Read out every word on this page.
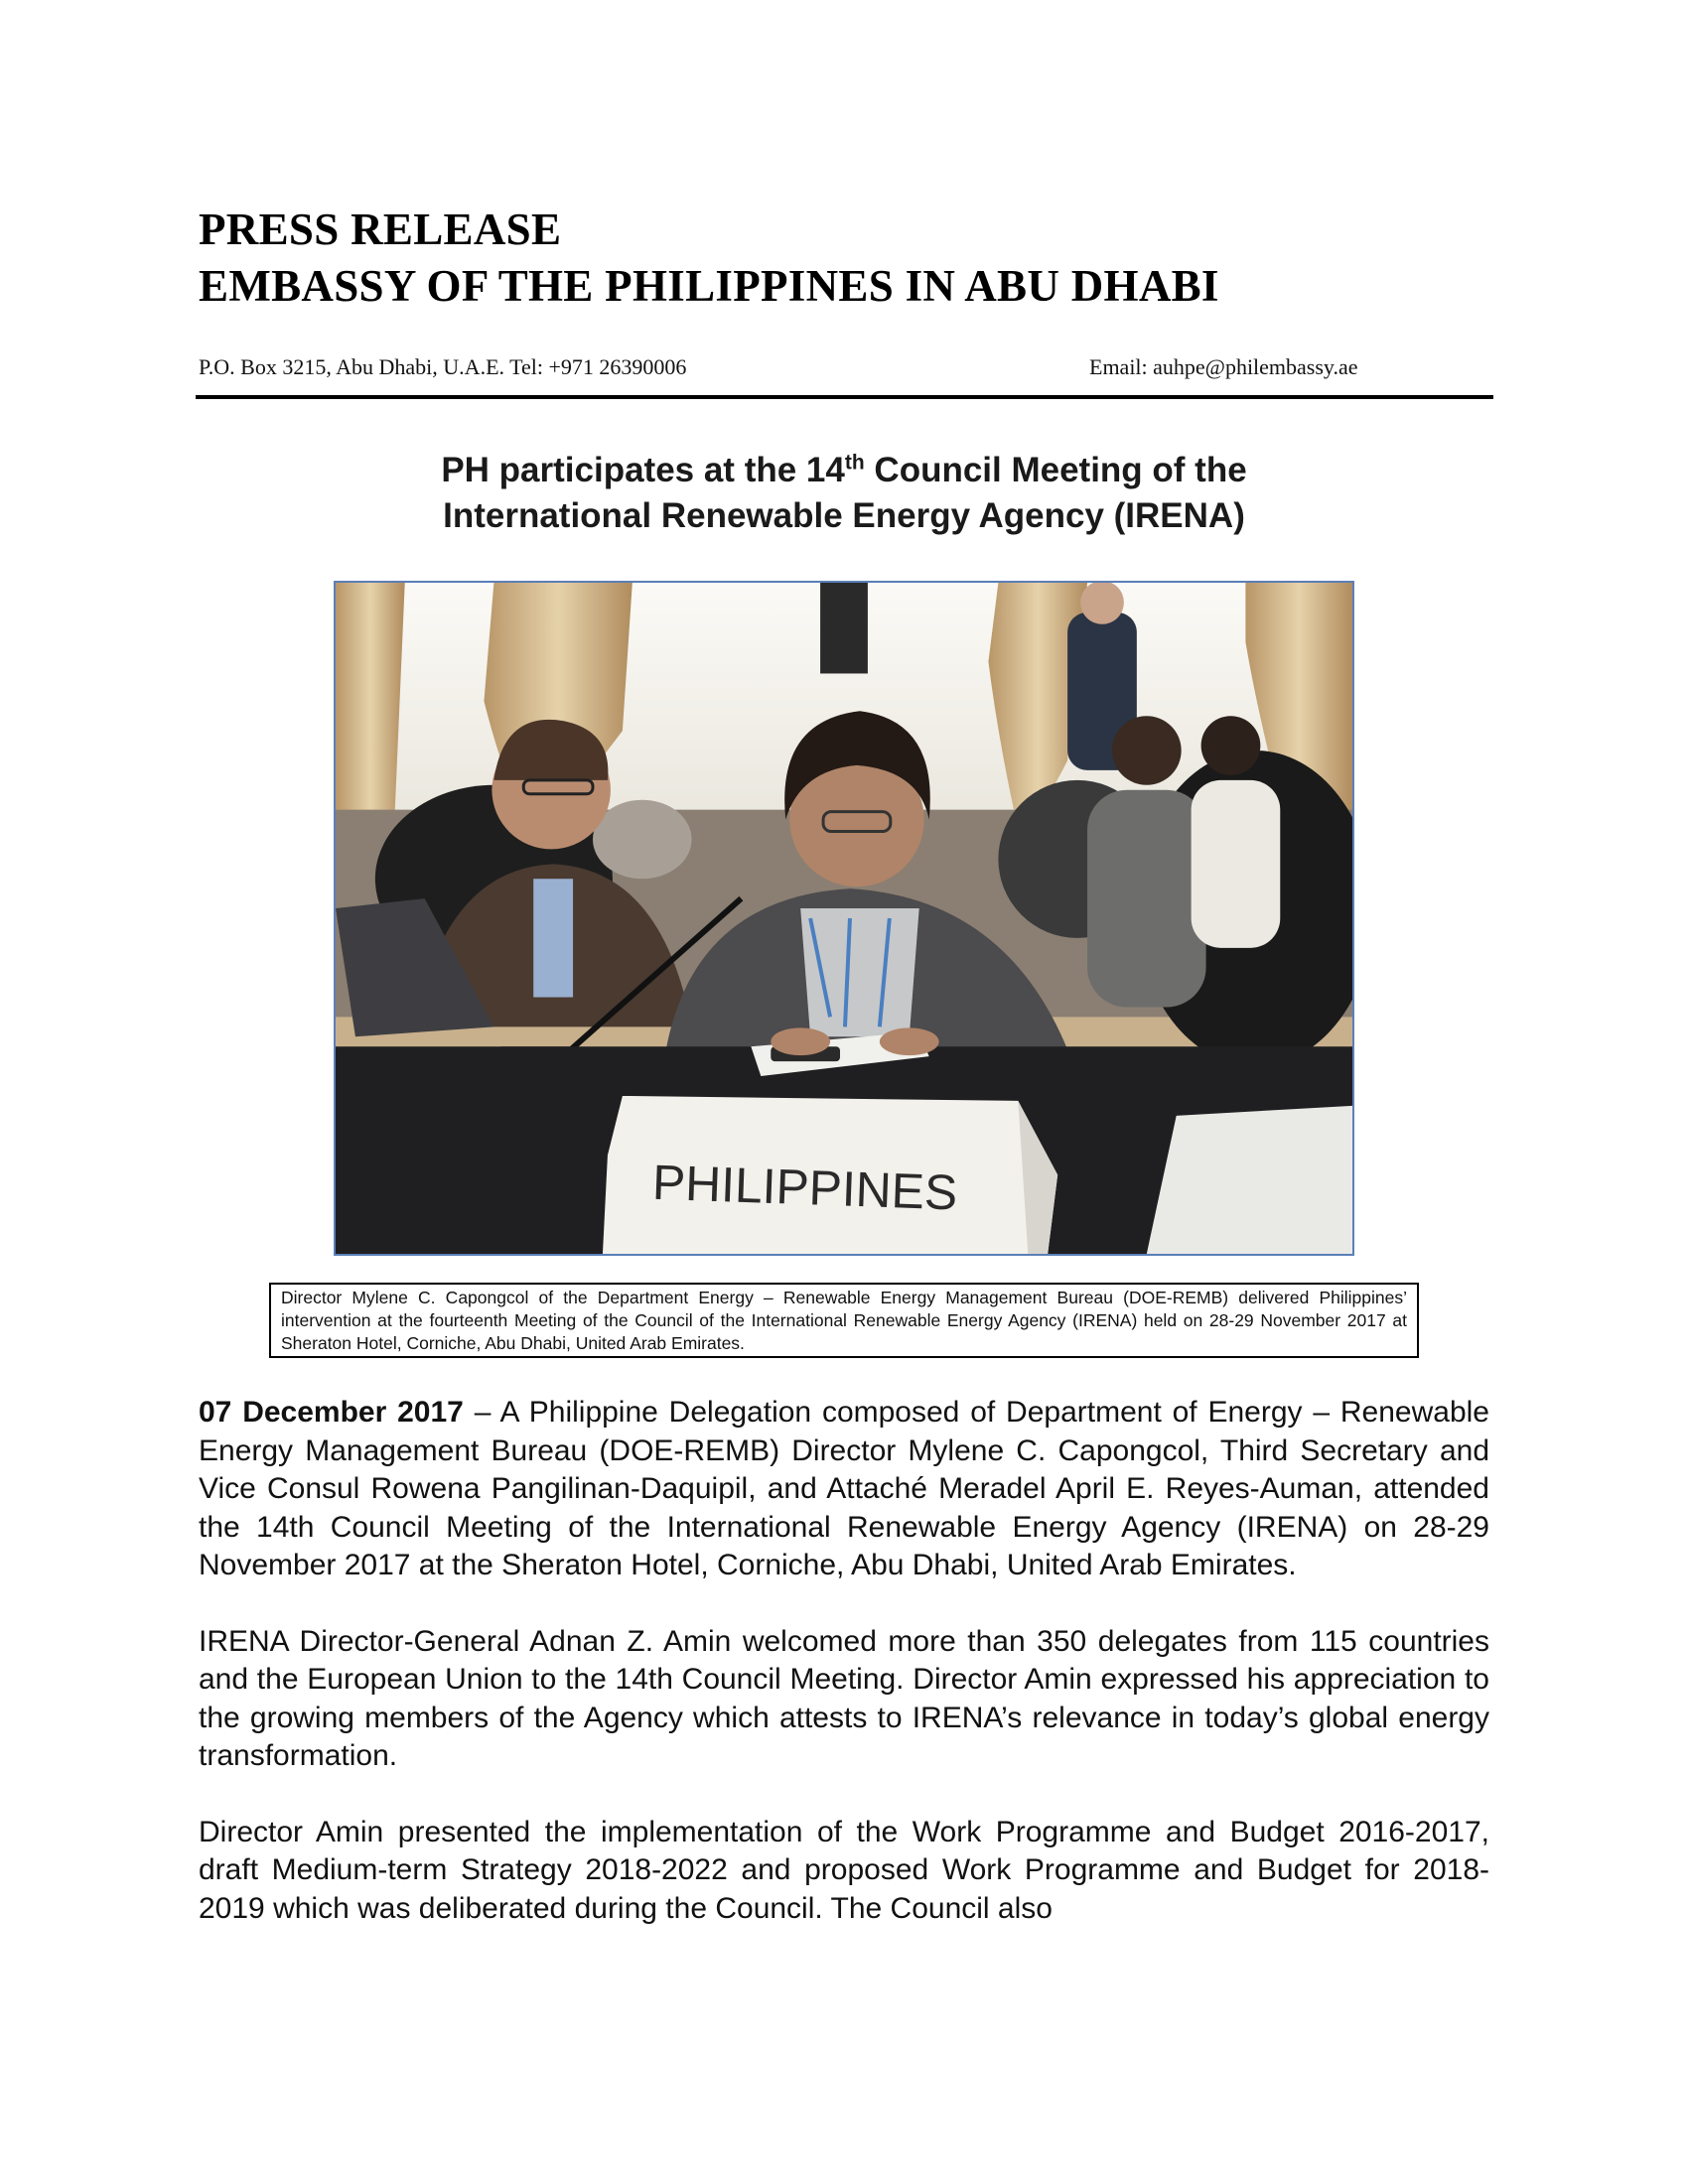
PRESS RELEASE
EMBASSY OF THE PHILIPPINES IN ABU DHABI
P.O. Box 3215, Abu Dhabi, U.A.E. Tel: +971 26390006	Email: auhpe@philembassy.ae
PH participates at the 14th Council Meeting of the
International Renewable Energy Agency (IRENA)
PHILIPPINES
Director Mylene C. Capongcol of the Department Energy – Renewable Energy Management Bureau (DOE-REMB) delivered Philippines’ intervention at the fourteenth Meeting of the Council of the International Renewable Energy Agency (IRENA) held on 28-29 November 2017 at Sheraton Hotel, Corniche, Abu Dhabi, United Arab Emirates.

07 December 2017 – A Philippine Delegation composed of Department of Energy – Renewable Energy Management Bureau (DOE-REMB) Director Mylene C. Capongcol, Third Secretary and Vice Consul Rowena Pangilinan-Daquipil, and Attaché Meradel April E. Reyes-Auman, attended the 14th Council Meeting of the International Renewable Energy Agency (IRENA) on 28-29 November 2017 at the Sheraton Hotel, Corniche, Abu Dhabi, United Arab Emirates.

IRENA Director-General Adnan Z. Amin welcomed more than 350 delegates from 115 countries and the European Union to the 14th Council Meeting. Director Amin expressed his appreciation to the growing members of the Agency which attests to IRENA’s relevance in today’s global energy transformation.

Director Amin presented the implementation of the Work Programme and Budget 2016-2017, draft Medium-term Strategy 2018-2022 and proposed Work Programme and Budget for 2018-2019 which was deliberated during the Council. The Council also
